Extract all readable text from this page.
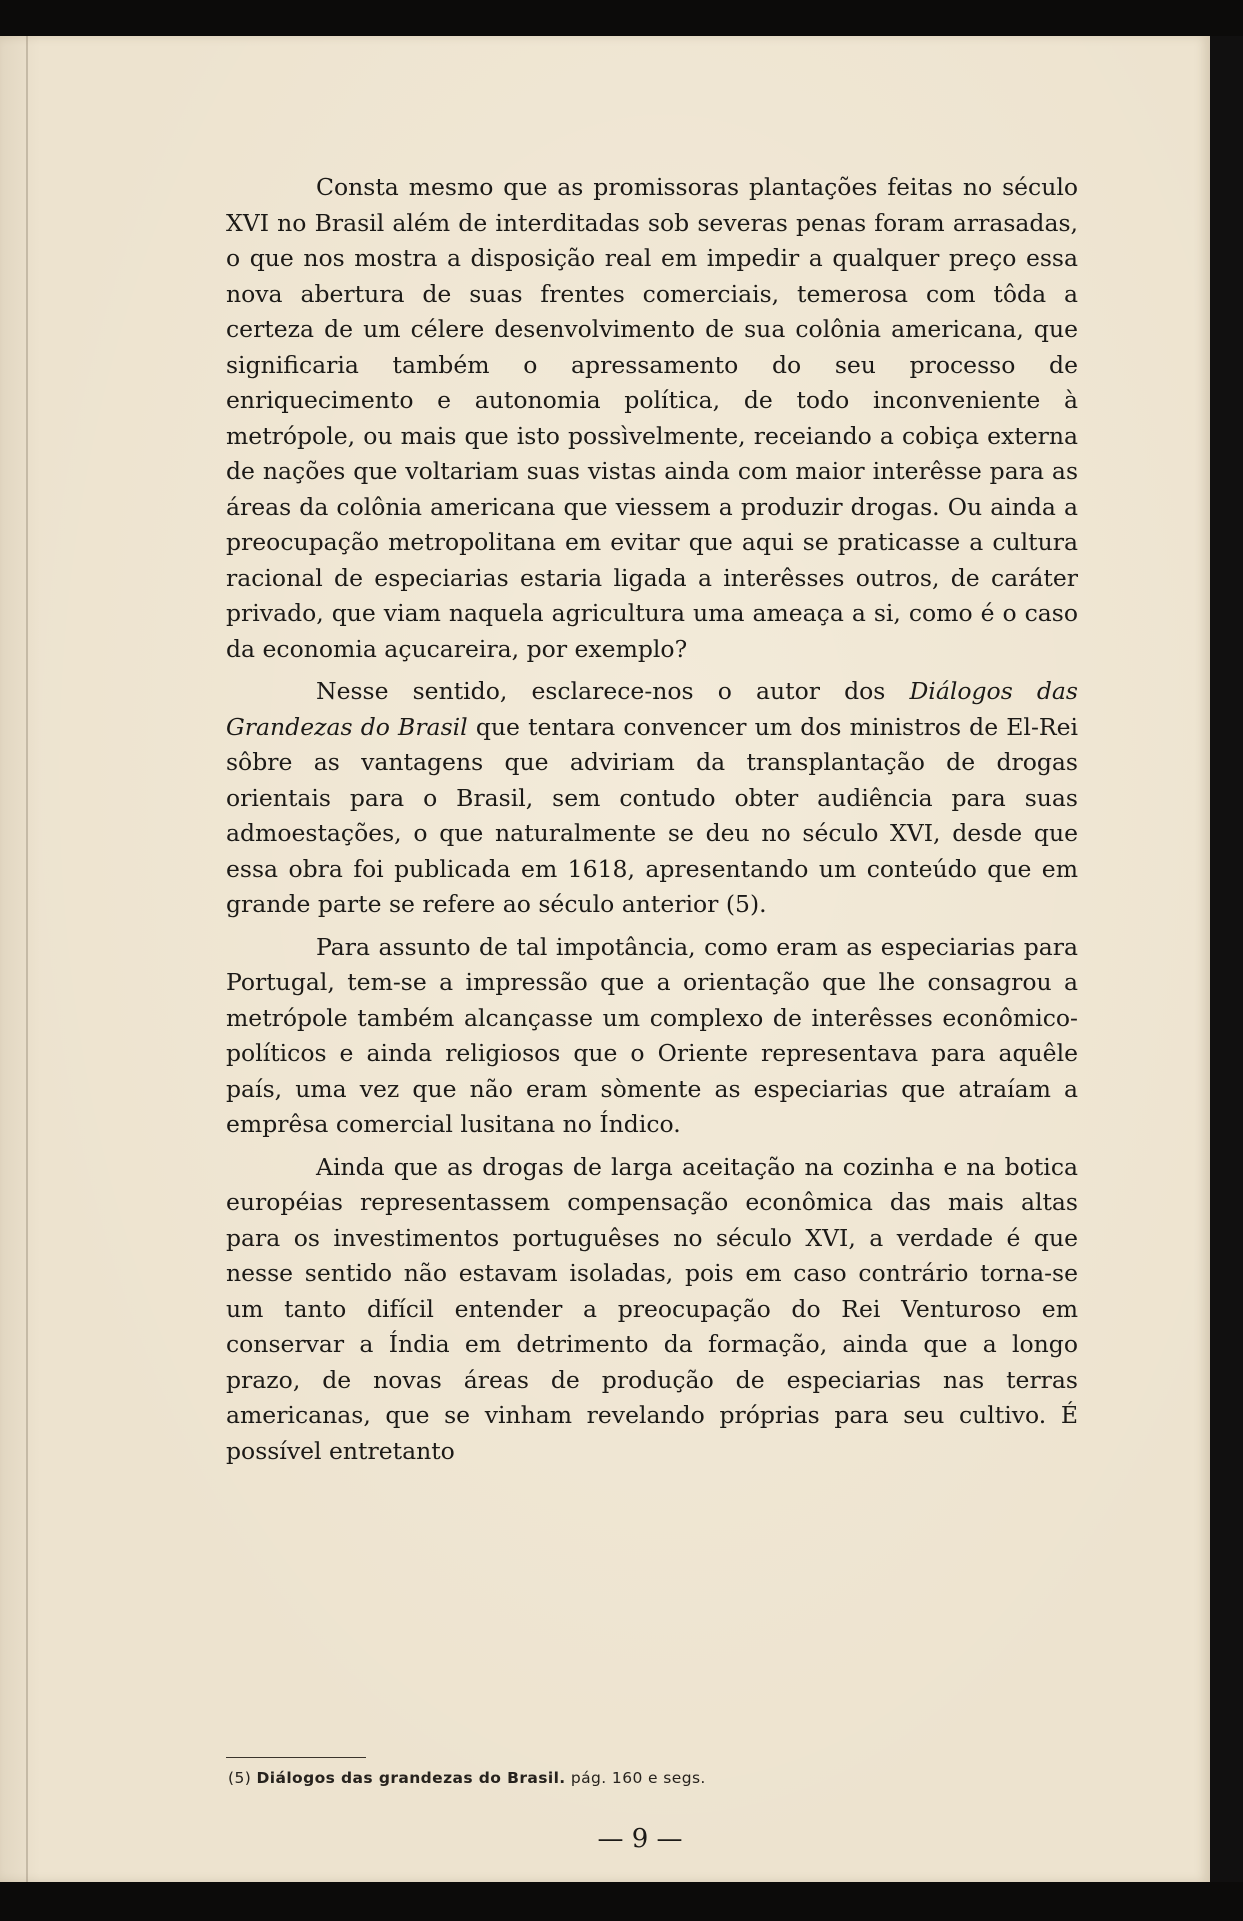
Consta mesmo que as promissoras plantações feitas no século XVI no Brasil além de interditadas sob severas penas foram arrasadas, o que nos mostra a disposição real em impedir a qualquer preço essa nova abertura de suas frentes comerciais, temerosa com tôda a certeza de um célere desenvolvimento de sua colônia americana, que significaria também o apressamento do seu processo de enriquecimento e autonomia política, de todo inconveniente à metrópole, ou mais que isto possìvelmente, receiando a cobiça externa de nações que voltariam suas vistas ainda com maior interêsse para as áreas da colônia americana que viessem a produzir drogas. Ou ainda a preocupação metropolitana em evitar que aqui se praticasse a cultura racional de especiarias estaria ligada a interêsses outros, de caráter privado, que viam naquela agricultura uma ameaça a si, como é o caso da economia açucareira, por exemplo?

Nesse sentido, esclarece-nos o autor dos Diálogos das Grandezas do Brasil que tentara convencer um dos ministros de El-Rei sôbre as vantagens que adviriam da transplantação de drogas orientais para o Brasil, sem contudo obter audiência para suas admoestações, o que naturalmente se deu no século XVI, desde que essa obra foi publicada em 1618, apresentando um conteúdo que em grande parte se refere ao século anterior (5).

Para assunto de tal impotância, como eram as especiarias para Portugal, tem-se a impressão que a orientação que lhe consagrou a metrópole também alcançasse um complexo de interêsses econômico-políticos e ainda religiosos que o Oriente representava para aquêle país, uma vez que não eram sòmente as especiarias que atraíam a emprêsa comercial lusitana no Índico.

Ainda que as drogas de larga aceitação na cozinha e na botica européias representassem compensação econômica das mais altas para os investimentos portuguêses no século XVI, a verdade é que nesse sentido não estavam isoladas, pois em caso contrário torna-se um tanto difícil entender a preocupação do Rei Venturoso em conservar a Índia em detrimento da formação, ainda que a longo prazo, de novas áreas de produção de especiarias nas terras americanas, que se vinham revelando próprias para seu cultivo. É possível entretanto

(5) Diálogos das grandezas do Brasil. pág. 160 e segs.
— 9 —
